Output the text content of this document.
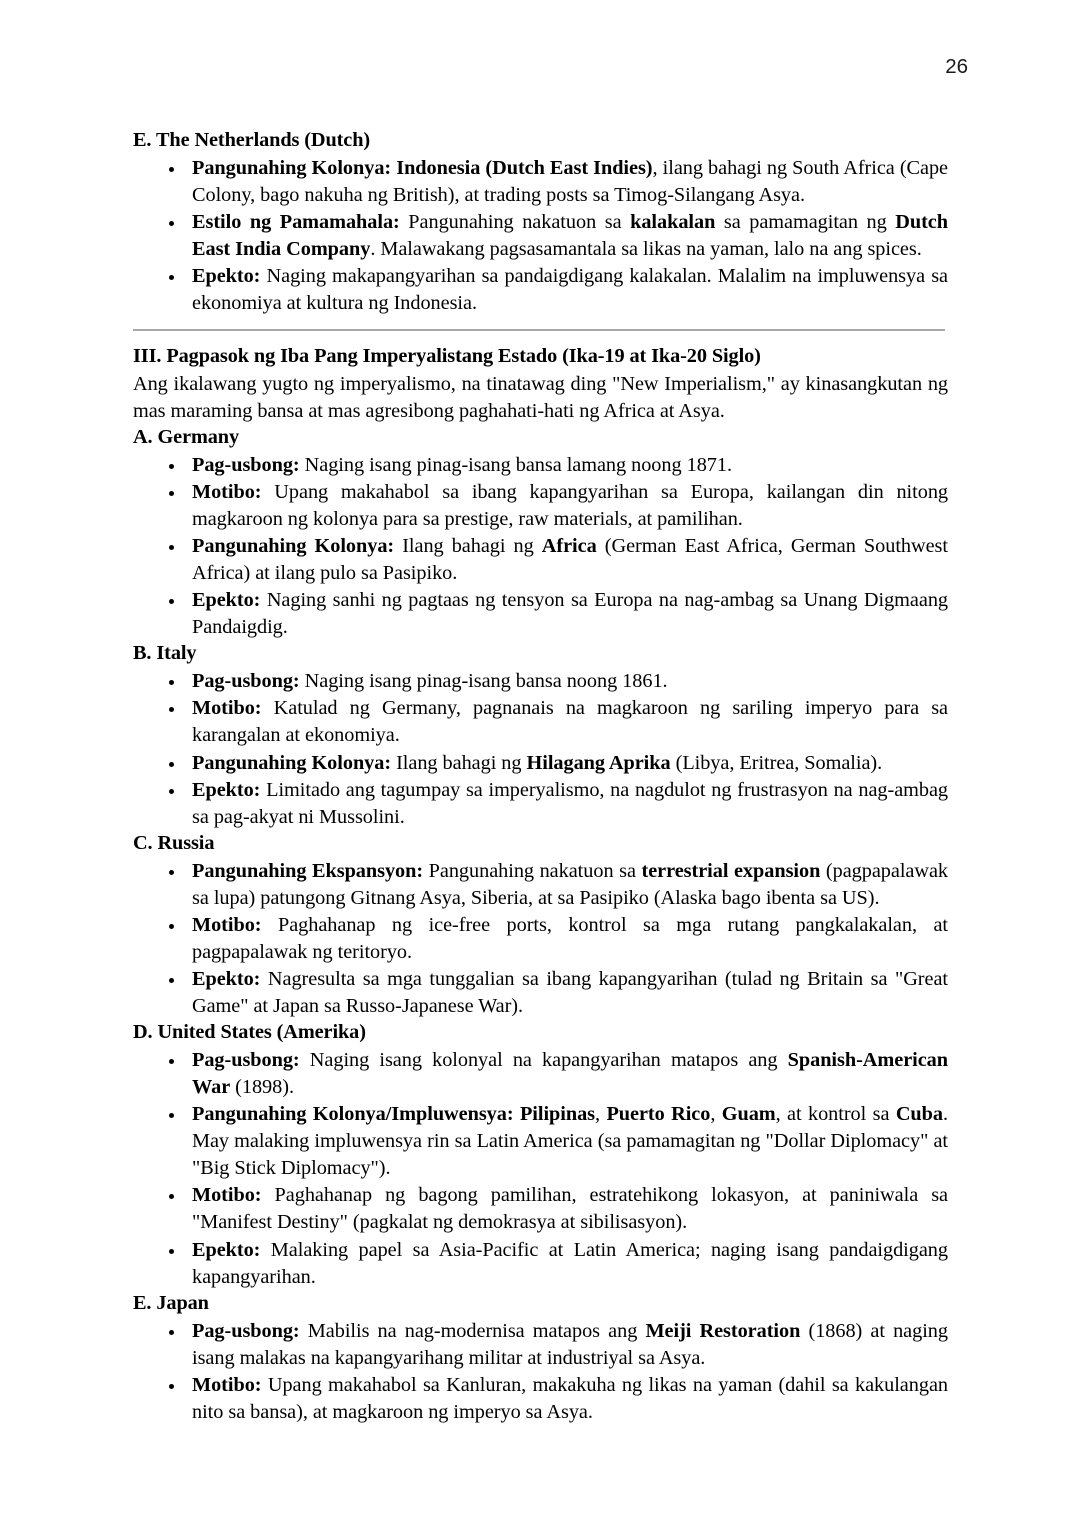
26
E. The Netherlands (Dutch)
Pangunahing Kolonya: Indonesia (Dutch East Indies), ilang bahagi ng South Africa (Cape Colony, bago nakuha ng British), at trading posts sa Timog-Silangang Asya.
Estilo ng Pamamahala: Pangunahing nakatuon sa kalakalan sa pamamagitan ng Dutch East India Company. Malawakang pagsasamantala sa likas na yaman, lalo na ang spices.
Epekto: Naging makapangyarihan sa pandaigdigang kalakalan. Malalim na impluwensya sa ekonomiya at kultura ng Indonesia.
III. Pagpasok ng Iba Pang Imperyalistang Estado (Ika-19 at Ika-20 Siglo)

Ang ikalawang yugto ng imperyalismo, na tinatawag ding "New Imperialism," ay kinasangkutan ng mas maraming bansa at mas agresibong paghahati-hati ng Africa at Asya.

A. Germany
Pag-usbong: Naging isang pinag-isang bansa lamang noong 1871.
Motibo: Upang makahabol sa ibang kapangyarihan sa Europa, kailangan din nitong magkaroon ng kolonya para sa prestige, raw materials, at pamilihan.
Pangunahing Kolonya: Ilang bahagi ng Africa (German East Africa, German Southwest Africa) at ilang pulo sa Pasipiko.
Epekto: Naging sanhi ng pagtaas ng tensyon sa Europa na nag-ambag sa Unang Digmaang Pandaigdig.
B. Italy
Pag-usbong: Naging isang pinag-isang bansa noong 1861.
Motibo: Katulad ng Germany, pagnanais na magkaroon ng sariling imperyo para sa karangalan at ekonomiya.
Pangunahing Kolonya: Ilang bahagi ng Hilagang Aprika (Libya, Eritrea, Somalia).
Epekto: Limitado ang tagumpay sa imperyalismo, na nagdulot ng frustrasyon na nag-ambag sa pag-akyat ni Mussolini.
C. Russia
Pangunahing Ekspansyon: Pangunahing nakatuon sa terrestrial expansion (pagpapalawak sa lupa) patungong Gitnang Asya, Siberia, at sa Pasipiko (Alaska bago ibenta sa US).
Motibo: Paghahanap ng ice-free ports, kontrol sa mga rutang pangkalakalan, at pagpapalawak ng teritoryo.
Epekto: Nagresulta sa mga tunggalian sa ibang kapangyarihan (tulad ng Britain sa "Great Game" at Japan sa Russo-Japanese War).
D. United States (Amerika)
Pag-usbong: Naging isang kolonyal na kapangyarihan matapos ang Spanish-American War (1898).
Pangunahing Kolonya/Impluwensya: Pilipinas, Puerto Rico, Guam, at kontrol sa Cuba. May malaking impluwensya rin sa Latin America (sa pamamagitan ng "Dollar Diplomacy" at "Big Stick Diplomacy").
Motibo: Paghahanap ng bagong pamilihan, estratehikong lokasyon, at paniniwala sa "Manifest Destiny" (pagkalat ng demokrasya at sibilisasyon).
Epekto: Malaking papel sa Asia-Pacific at Latin America; naging isang pandaigdigang kapangyarihan.
E. Japan
Pag-usbong: Mabilis na nag-modernisa matapos ang Meiji Restoration (1868) at naging isang malakas na kapangyarihang militar at industriyal sa Asya.
Motibo: Upang makahabol sa Kanluran, makakuha ng likas na yaman (dahil sa kakulangan nito sa bansa), at magkaroon ng imperyo sa Asya.
